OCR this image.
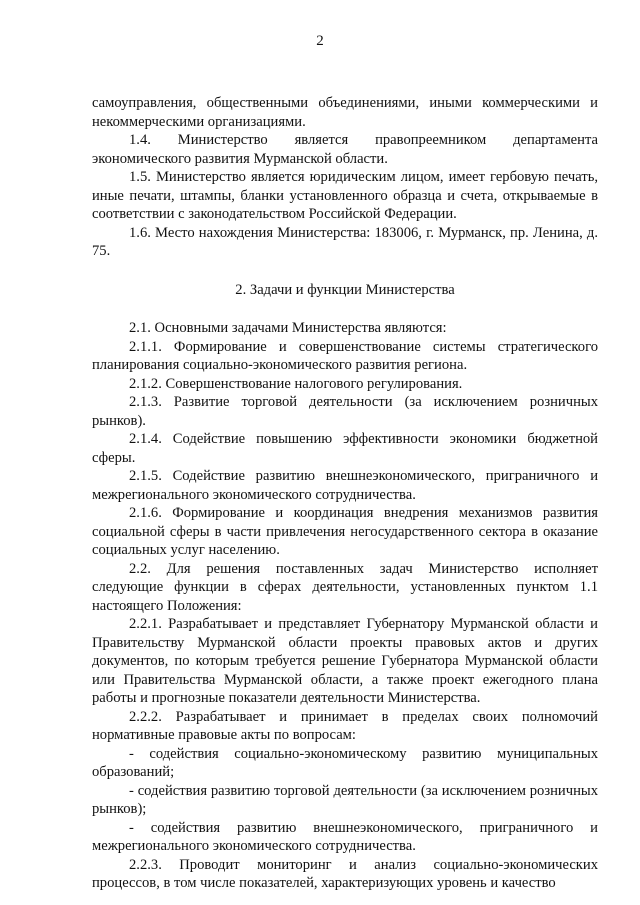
2

самоуправления, общественными объединениями, иными коммерческими и некоммерческими организациями.

1.4. Министерство является правопреемником департамента экономического развития Мурманской области.

1.5. Министерство является юридическим лицом, имеет гербовую печать, иные печати, штампы, бланки установленного образца и счета, открываемые в соответствии с законодательством Российской Федерации.

1.6. Место нахождения Министерства: 183006, г. Мурманск, пр. Ленина, д. 75.

2. Задачи и функции Министерства

2.1. Основными задачами Министерства являются:

2.1.1. Формирование и совершенствование системы стратегического планирования социально-экономического развития региона.

2.1.2. Совершенствование налогового регулирования.

2.1.3. Развитие торговой деятельности (за исключением розничных рынков).

2.1.4. Содействие повышению эффективности экономики бюджетной сферы.

2.1.5. Содействие развитию внешнеэкономического, приграничного и межрегионального экономического сотрудничества.

2.1.6. Формирование и координация внедрения механизмов развития социальной сферы в части привлечения негосударственного сектора в оказание социальных услуг населению.

2.2. Для решения поставленных задач Министерство исполняет следующие функции в сферах деятельности, установленных пунктом 1.1 настоящего Положения:

2.2.1. Разрабатывает и представляет Губернатору Мурманской области и Правительству Мурманской области проекты правовых актов и других документов, по которым требуется решение Губернатора Мурманской области или Правительства Мурманской области, а также проект ежегодного плана работы и прогнозные показатели деятельности Министерства.

2.2.2. Разрабатывает и принимает в пределах своих полномочий нормативные правовые акты по вопросам:

- содействия социально-экономическому развитию муниципальных образований;

- содействия развитию торговой деятельности (за исключением розничных рынков);

- содействия развитию внешнеэкономического, приграничного и межрегионального экономического сотрудничества.

2.2.3. Проводит мониторинг и анализ социально-экономических процессов, в том числе показателей, характеризующих уровень и качество
